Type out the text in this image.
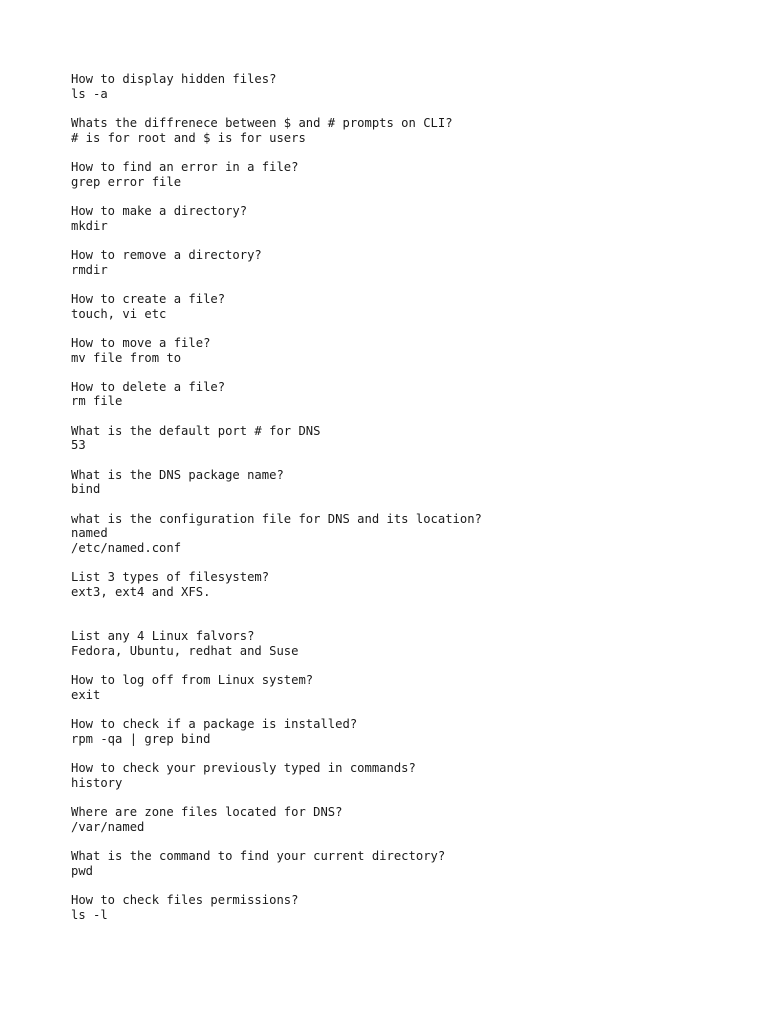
How to display hidden files?
ls -a
Whats the diffrenece between $ and # prompts on CLI?
# is for root and $ is for users
How to find an error in a file?
grep error file
How to make a directory?
mkdir
How to remove a directory?
rmdir
How to create a file?
touch, vi etc
How to move a file?
mv file from to
How to delete a file?
rm file
What is the default port # for DNS
53
What is the DNS package name?
bind
what is the configuration file for DNS and its location?
named
/etc/named.conf
List 3 types of filesystem?
ext3, ext4 and XFS.
List any 4 Linux falvors?
Fedora, Ubuntu, redhat and Suse
How to log off from Linux system?
exit
How to check if a package is installed?
rpm -qa | grep bind
How to check your previously typed in commands?
history
Where are zone files located for DNS?
/var/named
What is the command to find your current directory?
pwd
How to check files permissions?
ls -l
